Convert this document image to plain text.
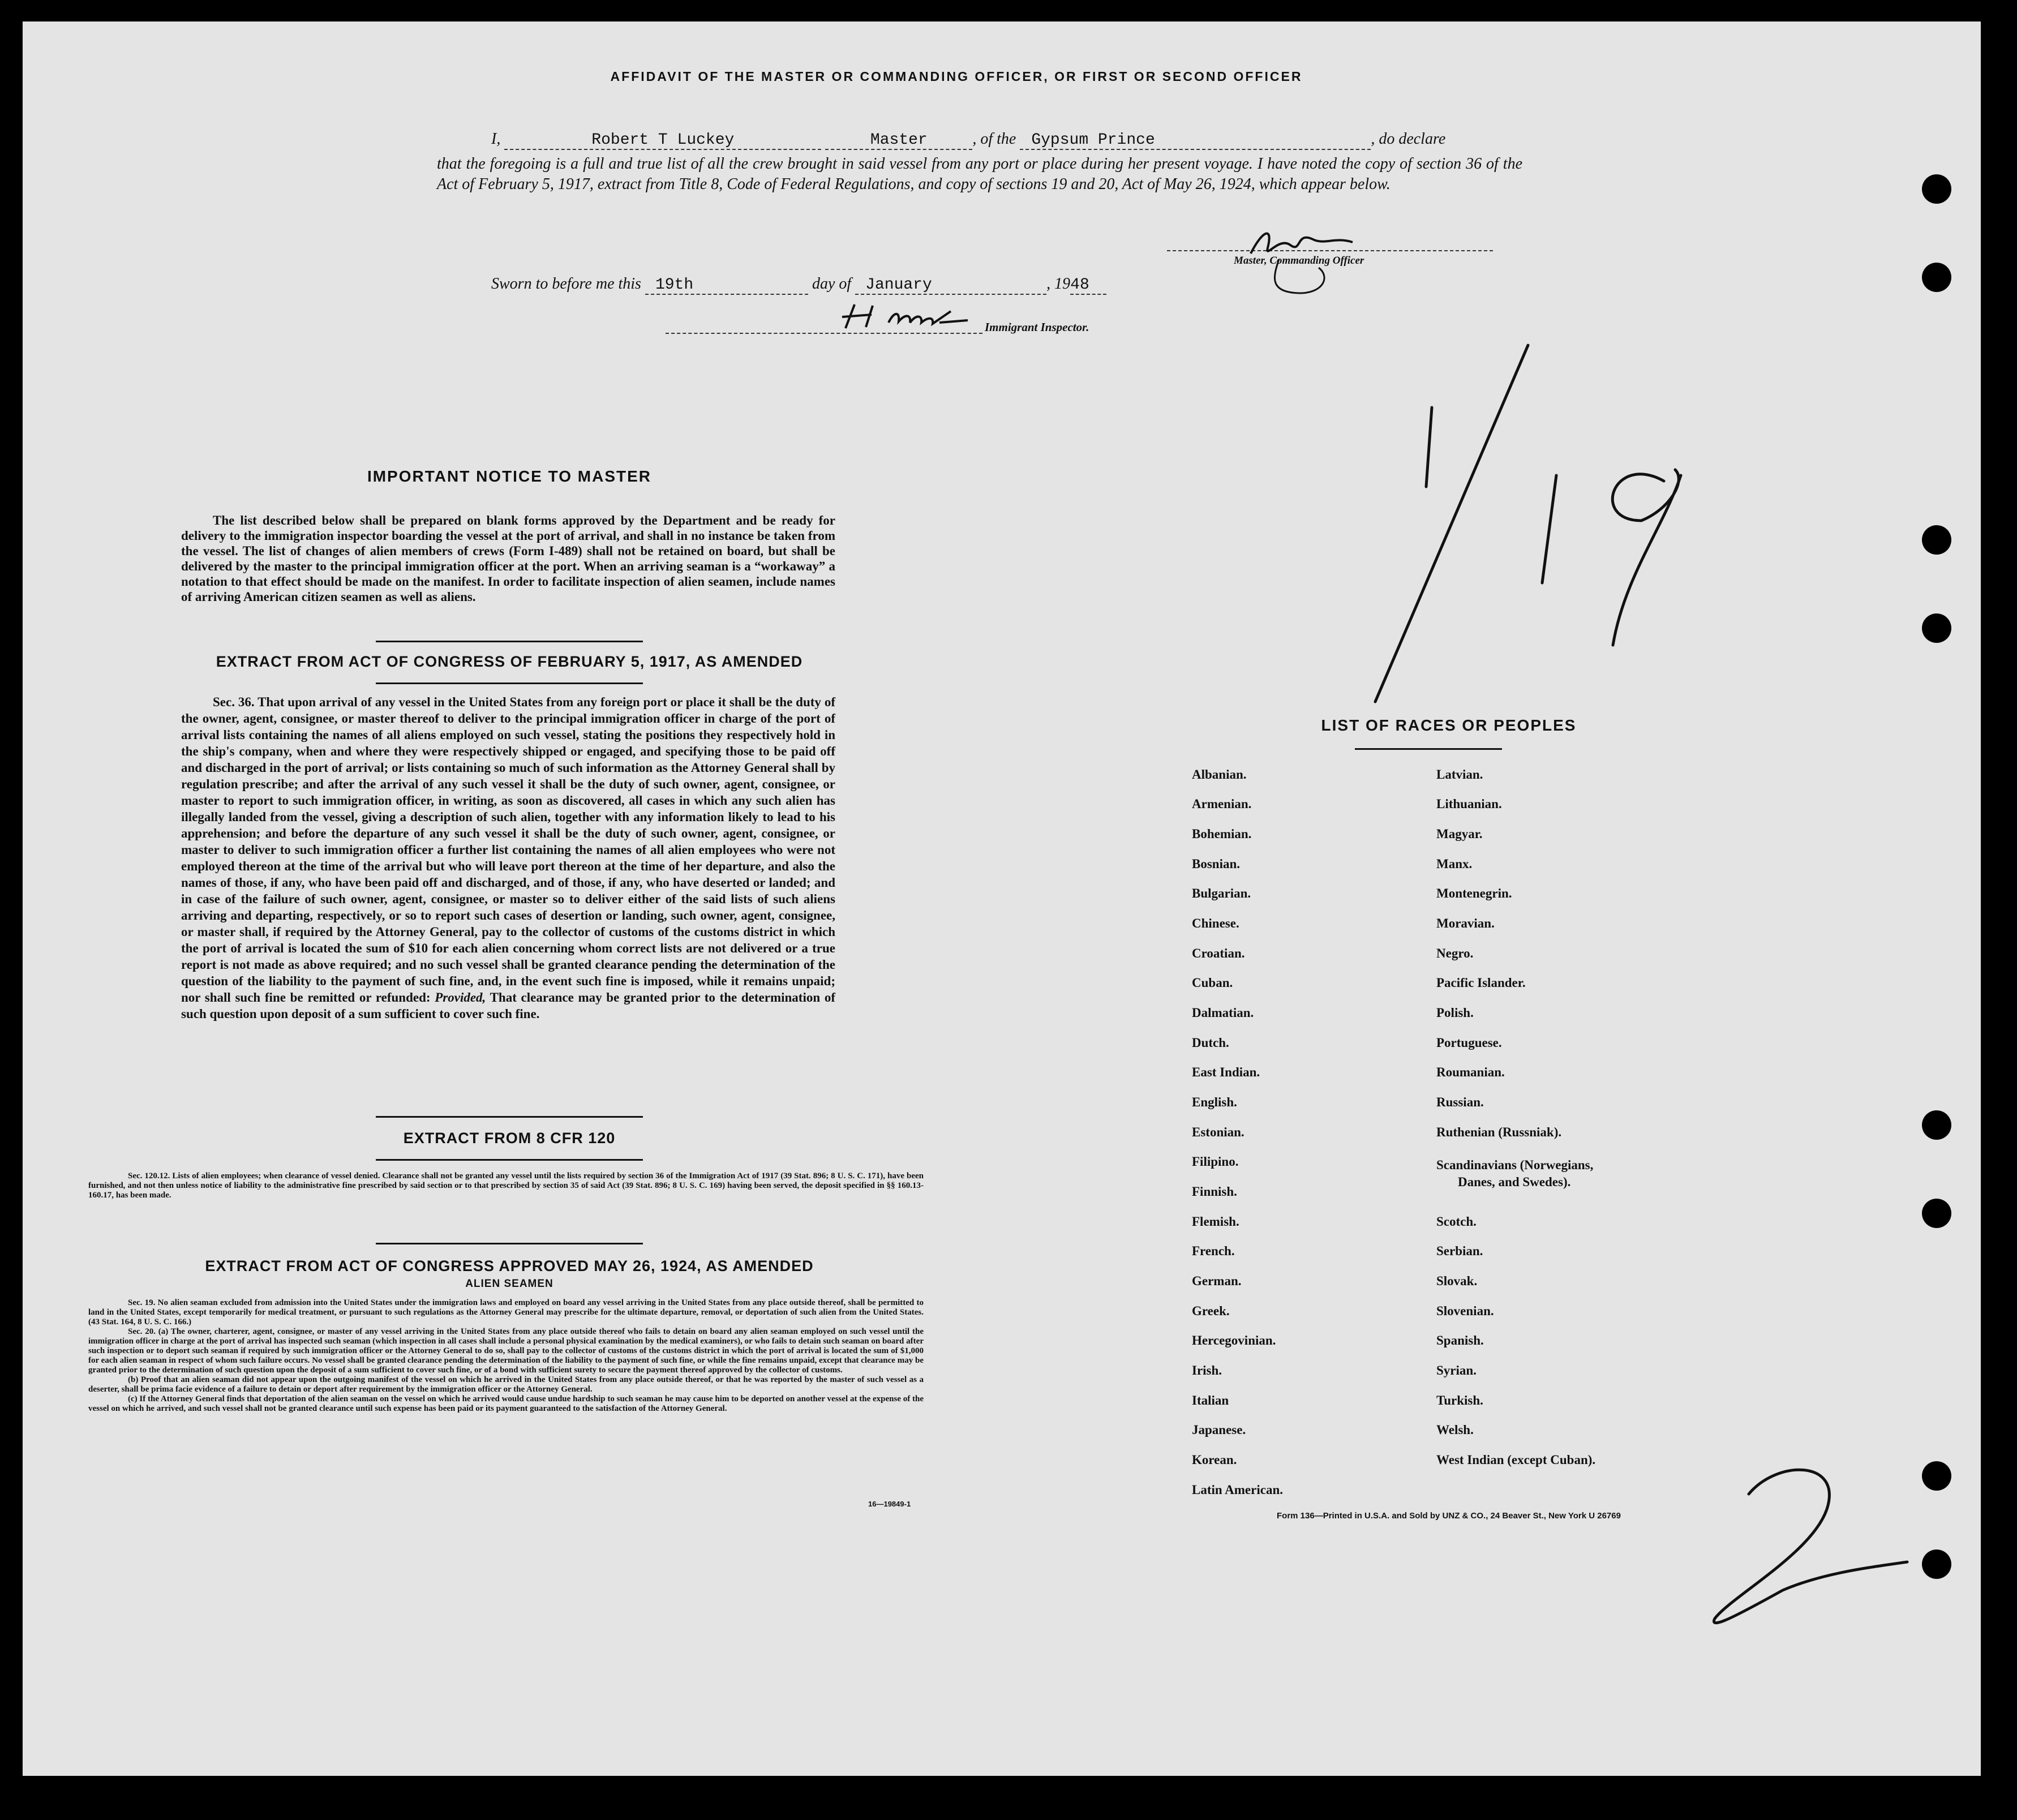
AFFIDAVIT OF THE MASTER OR COMMANDING OFFICER, OR FIRST OR SECOND OFFICER
I,	Robert T Luckey	Master	, of the Gypsum Prince	, do declare
that the foregoing is a full and true list of all the crew brought in said vessel from any port or place during her present voyage. I have noted the copy of section 36 of the Act of February 5, 1917, extract from Title 8, Code of Federal Regulations, and copy of sections 19 and 20, Act of May 26, 1924, which appear below.
Master, Commanding Officer
Sworn to before me this 19th	day of January	, 1948
Immigrant Inspector.
IMPORTANT NOTICE TO MASTER
The list described below shall be prepared on blank forms approved by the Department and be ready for delivery to the immigration inspector boarding the vessel at the port of arrival, and shall in no instance be taken from the vessel. The list of changes of alien members of crews (Form I-489) shall not be retained on board, but shall be delivered by the master to the principal immigration officer at the port. When an arriving seaman is a “workaway” a notation to that effect should be made on the manifest. In order to facilitate inspection of alien seamen, include names of arriving American citizen seamen as well as aliens.
EXTRACT FROM ACT OF CONGRESS OF FEBRUARY 5, 1917, AS AMENDED
Sec. 36. That upon arrival of any vessel in the United States from any foreign port or place it shall be the duty of the owner, agent, consignee, or master thereof to deliver to the principal immigration officer in charge of the port of arrival lists containing the names of all aliens employed on such vessel, stating the positions they respectively hold in the ship's company, when and where they were respectively shipped or engaged, and specifying those to be paid off and discharged in the port of arrival; or lists containing so much of such information as the Attorney General shall by regulation prescribe; and after the arrival of any such vessel it shall be the duty of such owner, agent, consignee, or master to report to such immigration officer, in writing, as soon as discovered, all cases in which any such alien has illegally landed from the vessel, giving a description of such alien, together with any information likely to lead to his apprehension; and before the departure of any such vessel it shall be the duty of such owner, agent, consignee, or master to deliver to such immigration officer a further list containing the names of all alien employees who were not employed thereon at the time of the arrival but who will leave port thereon at the time of her departure, and also the names of those, if any, who have been paid off and discharged, and of those, if any, who have deserted or landed; and in case of the failure of such owner, agent, consignee, or master so to deliver either of the said lists of such aliens arriving and departing, respectively, or so to report such cases of desertion or landing, such owner, agent, consignee, or master shall, if required by the Attorney General, pay to the collector of customs of the customs district in which the port of arrival is located the sum of $10 for each alien concerning whom correct lists are not delivered or a true report is not made as above required; and no such vessel shall be granted clearance pending the determination of the question of the liability to the payment of such fine, and, in the event such fine is imposed, while it remains unpaid; nor shall such fine be remitted or refunded: Provided, That clearance may be granted prior to the determination of such question upon deposit of a sum sufficient to cover such fine.
EXTRACT FROM 8 CFR 120
Sec. 120.12. Lists of alien employees; when clearance of vessel denied. Clearance shall not be granted any vessel until the lists required by section 36 of the Immigration Act of 1917 (39 Stat. 896; 8 U. S. C. 171), have been furnished, and not then unless notice of liability to the administrative fine prescribed by said section or to that prescribed by section 35 of said Act (39 Stat. 896; 8 U. S. C. 169) having been served, the deposit specified in §§ 160.13-160.17, has been made.
EXTRACT FROM ACT OF CONGRESS APPROVED MAY 26, 1924, AS AMENDED
ALIEN SEAMEN
Sec. 19. No alien seaman excluded from admission into the United States under the immigration laws and employed on board any vessel arriving in the United States from any place outside thereof, shall be permitted to land in the United States, except temporarily for medical treatment, or pursuant to such regulations as the Attorney General may prescribe for the ultimate departure, removal, or deportation of such alien from the United States. (43 Stat. 164, 8 U. S. C. 166.)
Sec. 20. (a) The owner, charterer, agent, consignee, or master of any vessel arriving in the United States from any place outside thereof who fails to detain on board any alien seaman employed on such vessel until the immigration officer in charge at the port of arrival has inspected such seaman (which inspection in all cases shall include a personal physical examination by the medical examiners), or who fails to detain such seaman on board after such inspection or to deport such seaman if required by such immigration officer or the Attorney General to do so, shall pay to the collector of customs of the customs district in which the port of arrival is located the sum of $1,000 for each alien seaman in respect of whom such failure occurs. No vessel shall be granted clearance pending the determination of the liability to the payment of such fine, or while the fine remains unpaid, except that clearance may be granted prior to the determination of such question upon the deposit of a sum sufficient to cover such fine, or of a bond with sufficient surety to secure the payment thereof approved by the collector of customs.
(b) Proof that an alien seaman did not appear upon the outgoing manifest of the vessel on which he arrived in the United States from any place outside thereof, or that he was reported by the master of such vessel as a deserter, shall be prima facie evidence of a failure to detain or deport after requirement by the immigration officer or the Attorney General.
(c) If the Attorney General finds that deportation of the alien seaman on the vessel on which he arrived would cause undue hardship to such seaman he may cause him to be deported on another vessel at the expense of the vessel on which he arrived, and such vessel shall not be granted clearance until such expense has been paid or its payment guaranteed to the satisfaction of the Attorney General.
16—19849-1
LIST OF RACES OR PEOPLES
Albanian.
Armenian.
Bohemian.
Bosnian.
Bulgarian.
Chinese.
Croatian.
Cuban.
Dalmatian.
Dutch.
East Indian.
English.
Estonian.
Filipino.
Finnish.
Flemish.
French.
German.
Greek.
Hercegovinian.
Irish.
Italian
Japanese.
Korean.
Latin American.
Latvian.
Lithuanian.
Magyar.
Manx.
Montenegrin.
Moravian.
Negro.
Pacific Islander.
Polish.
Portuguese.
Roumanian.
Russian.
Ruthenian (Russniak).
Scandinavians (Norwegians,
Danes, and Swedes).
Scotch.
Serbian.
Slovak.
Slovenian.
Spanish.
Syrian.
Turkish.
Welsh.
West Indian (except Cuban).
Form 136—Printed in U.S.A. and Sold by UNZ & CO., 24 Beaver St., New York U 26769
